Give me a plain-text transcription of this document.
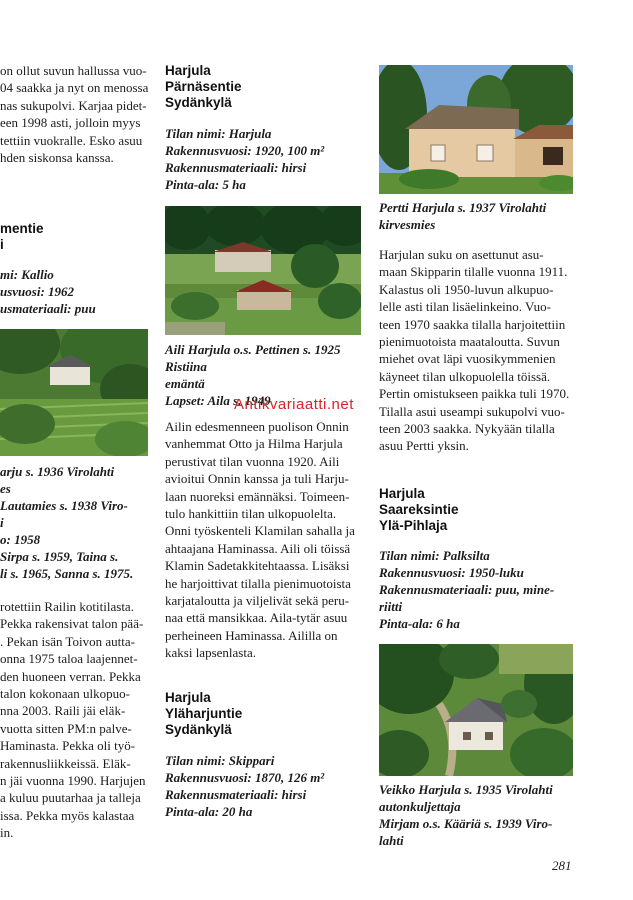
on ollut suvun hallussa vuo-
04 saakka ja nyt on menossa
nas sukupolvi. Karjaa pidet-
een 1998 asti, jolloin myys
tettiin vuokralle. Esko asuu
hden siskonsa kanssa.
mentie
i
mi: Kallio
usvuosi: 1962
usmateriaali: puu
arju s. 1936 Virolahti
es
Lautamies s. 1938 Viro-
i
o: 1958
Sirpa s. 1959, Taina s.
li s. 1965, Sanna s. 1975.
rotettiin Railin kotitilasta.
Pekka rakensivat talon pää-
. Pekan isän Toivon autta-
onna 1975 taloa laajennet-
den huoneen verran. Pekka
talon kokonaan ulkopuo-
nna 2003. Raili jäi eläk-
vuotta sitten PM:n palve-
Haminasta. Pekka oli työ-
rakennusliikkeissä. Eläk-
n jäi vuonna 1990. Harjujen
a kuluu puutarhaa ja talleja
issa. Pekka myös kalastaa
in.
Harjula
Pärnäsentie
Sydänkylä
Tilan nimi: Harjula
Rakennusvuosi: 1920, 100 m²
Rakennusmateriaali: hirsi
Pinta-ala: 5 ha
Aili Harjula o.s. Pettinen s. 1925
Ristiina
emäntä
Lapset: Aila s. 1949
Ailin edesmenneen puolison Onnin
vanhemmat Otto ja Hilma Harjula
perustivat tilan vuonna 1920. Aili
avioitui Onnin kanssa ja tuli Harju-
laan nuoreksi emännäksi. Toimeen-
tulo hankittiin tilan ulkopuolelta.
Onni työskenteli Klamilan sahalla ja
ahtaajana Haminassa. Aili oli töissä
Klamin Sadetakkitehtaassa. Lisäksi
he harjoittivat tilalla pienimuotoista
karjataloutta ja viljelivät sekä peru-
naa että mansikkaa. Aila-tytär asuu
perheineen Haminassa. Aililla on
kaksi lapsenlasta.
Harjula
Yläharjuntie
Sydänkylä
Tilan nimi: Skippari
Rakennusvuosi: 1870, 126 m²
Rakennusmateriaali: hirsi
Pinta-ala: 20 ha
Pertti Harjula s. 1937 Virolahti
kirvesmies
Harjulan suku on asettunut asu-
maan Skipparin tilalle vuonna 1911.
Kalastus oli 1950-luvun alkupuo-
lelle asti tilan lisäelinkeino. Vuo-
teen 1970 saakka tilalla harjoitettiin
pienimuotoista maataloutta. Suvun
miehet ovat läpi vuosikymmenien
käyneet tilan ulkopuolella töissä.
Pertin omistukseen paikka tuli 1970.
Tilalla asui useampi sukupolvi vuo-
teen 2003 saakka. Nykyään tilalla
asuu Pertti yksin.
Harjula
Saareksintie
Ylä-Pihlaja
Tilan nimi: Palksilta
Rakennusvuosi: 1950-luku
Rakennusmateriaali: puu, mine-
riitti
Pinta-ala: 6 ha
Veikko Harjula s. 1935 Virolahti
autonkuljettaja
Mirjam o.s. Kääriä s. 1939 Viro-
lahti
Antikvariaatti.net
281
